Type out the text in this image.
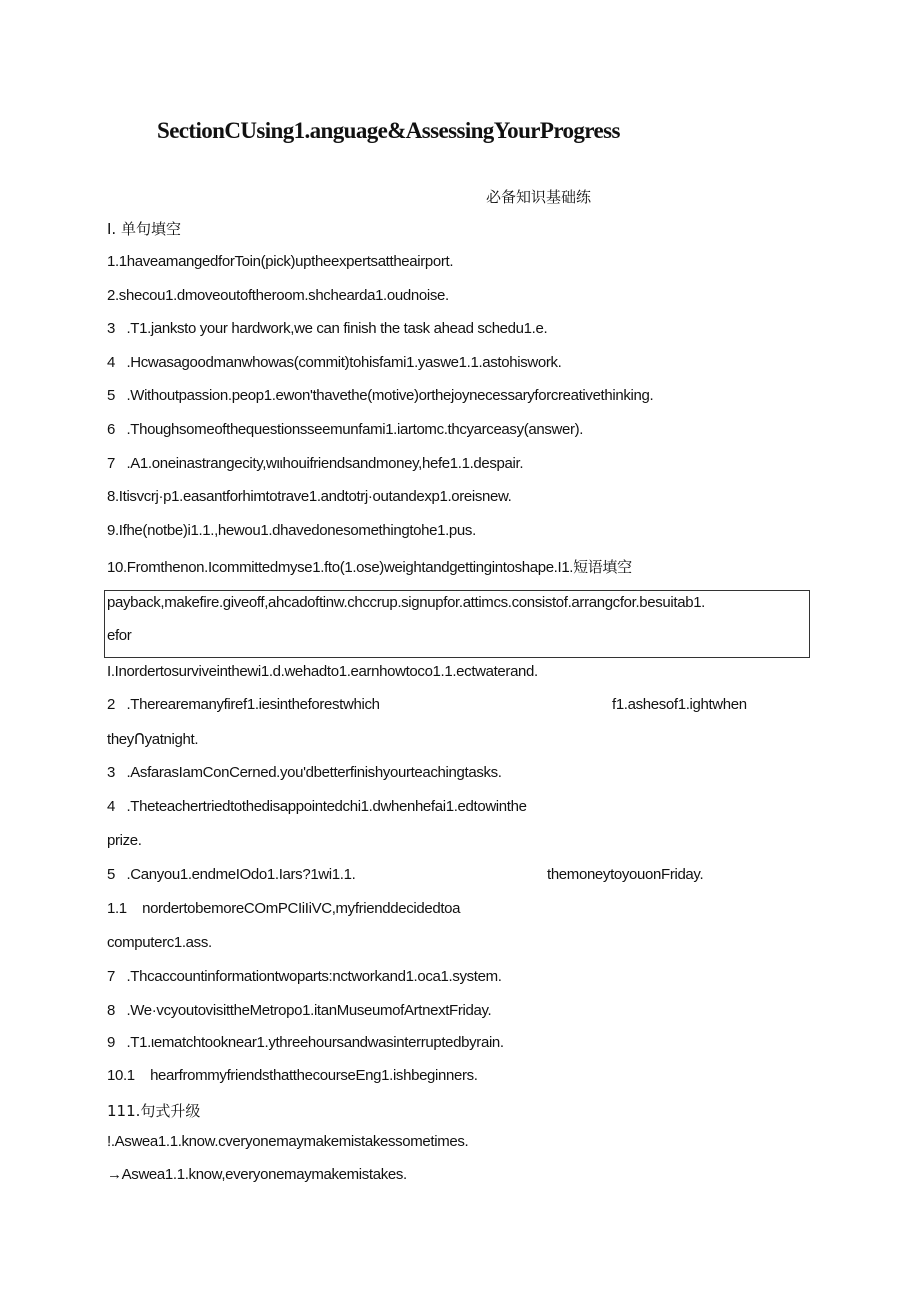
SectionCUsing1.anguage&AssessingYourProgress
必备知识基础练
I. 单句填空
1.1haveamangedforToin(pick)uptheexpertsattheairport.
2.shecou1.dmoveoutoftheroom.shchearda1.oudnoise.
3   .T1.janksto your hardwork,we can finish the task ahead schedu1.e.
4   .Hcwasagoodmanwhowas(commit)tohisfami1.yaswe1.1.astohiswork.
5   .Withoutpassion.peop1.ewon'thavethe(motive)orthejoynecessaryforcreativethinking.
6   .Thoughsomeofthequestionsseemunfami1.iartomc.thcyarceasy(answer).
7   .A1.oneinastrangecity,wιιhouifriendsandmoney,hefe1.1.despair.
8.Itisvcrj·p1.easantforhimtotrave1.andtotrj·outandexp1.oreisnew.
9.Ifhe(notbe)i1.1.,hewou1.dhavedonesomethingtohe1.pus.
10.Fromthenon.Icommittedmyse1.fto(1.ose)weightandgettingintoshape.I1.短语填空
payback,makefire.giveoff,ahcadoftinw.chccrup.signupfor.attimcs.consistof.arrangcfor.besuitab1.
efor
I.Inordertosurviveinthewi1.d.wehadto1.earnhowtoco1.1.ectwaterand.
2   .Therearemanyfiref1.iesintheforestwhich	f1.ashesof1.ightwhen
theyꓵyatnight.
3   .AsfarasIamConCerned.you'dbetterfinishyourteachingtasks.
4   .Theteachertriedtothedisappointedchi1.dwhenhefai1.edtowinthe
prize.
5   .Canyou1.endmeIOdo1.Iars?1wi1.1.	themoneytoyouonFriday.
1.1    nordertobemoreCOmPCIiIiVC,myfrienddecidedtoa
computerc1.ass.
7   .Thcaccountinformationtwoparts:nctworkand1.oca1.system.
8   .We·vcyoutovisittheMetropo1.itanMuseumofArtnextFriday.
9   .T1.ιematchtooknear1.ythreehoursandwasinterruptedbyrain.
10.1    hearfrommyfriendsthatthecourseEng1.ishbeginners.
111.句式升级
!.Aswea1.1.know.cveryonemaymakemistakessometimes.
→Aswea1.1.know,everyonemaymakemistakes.
